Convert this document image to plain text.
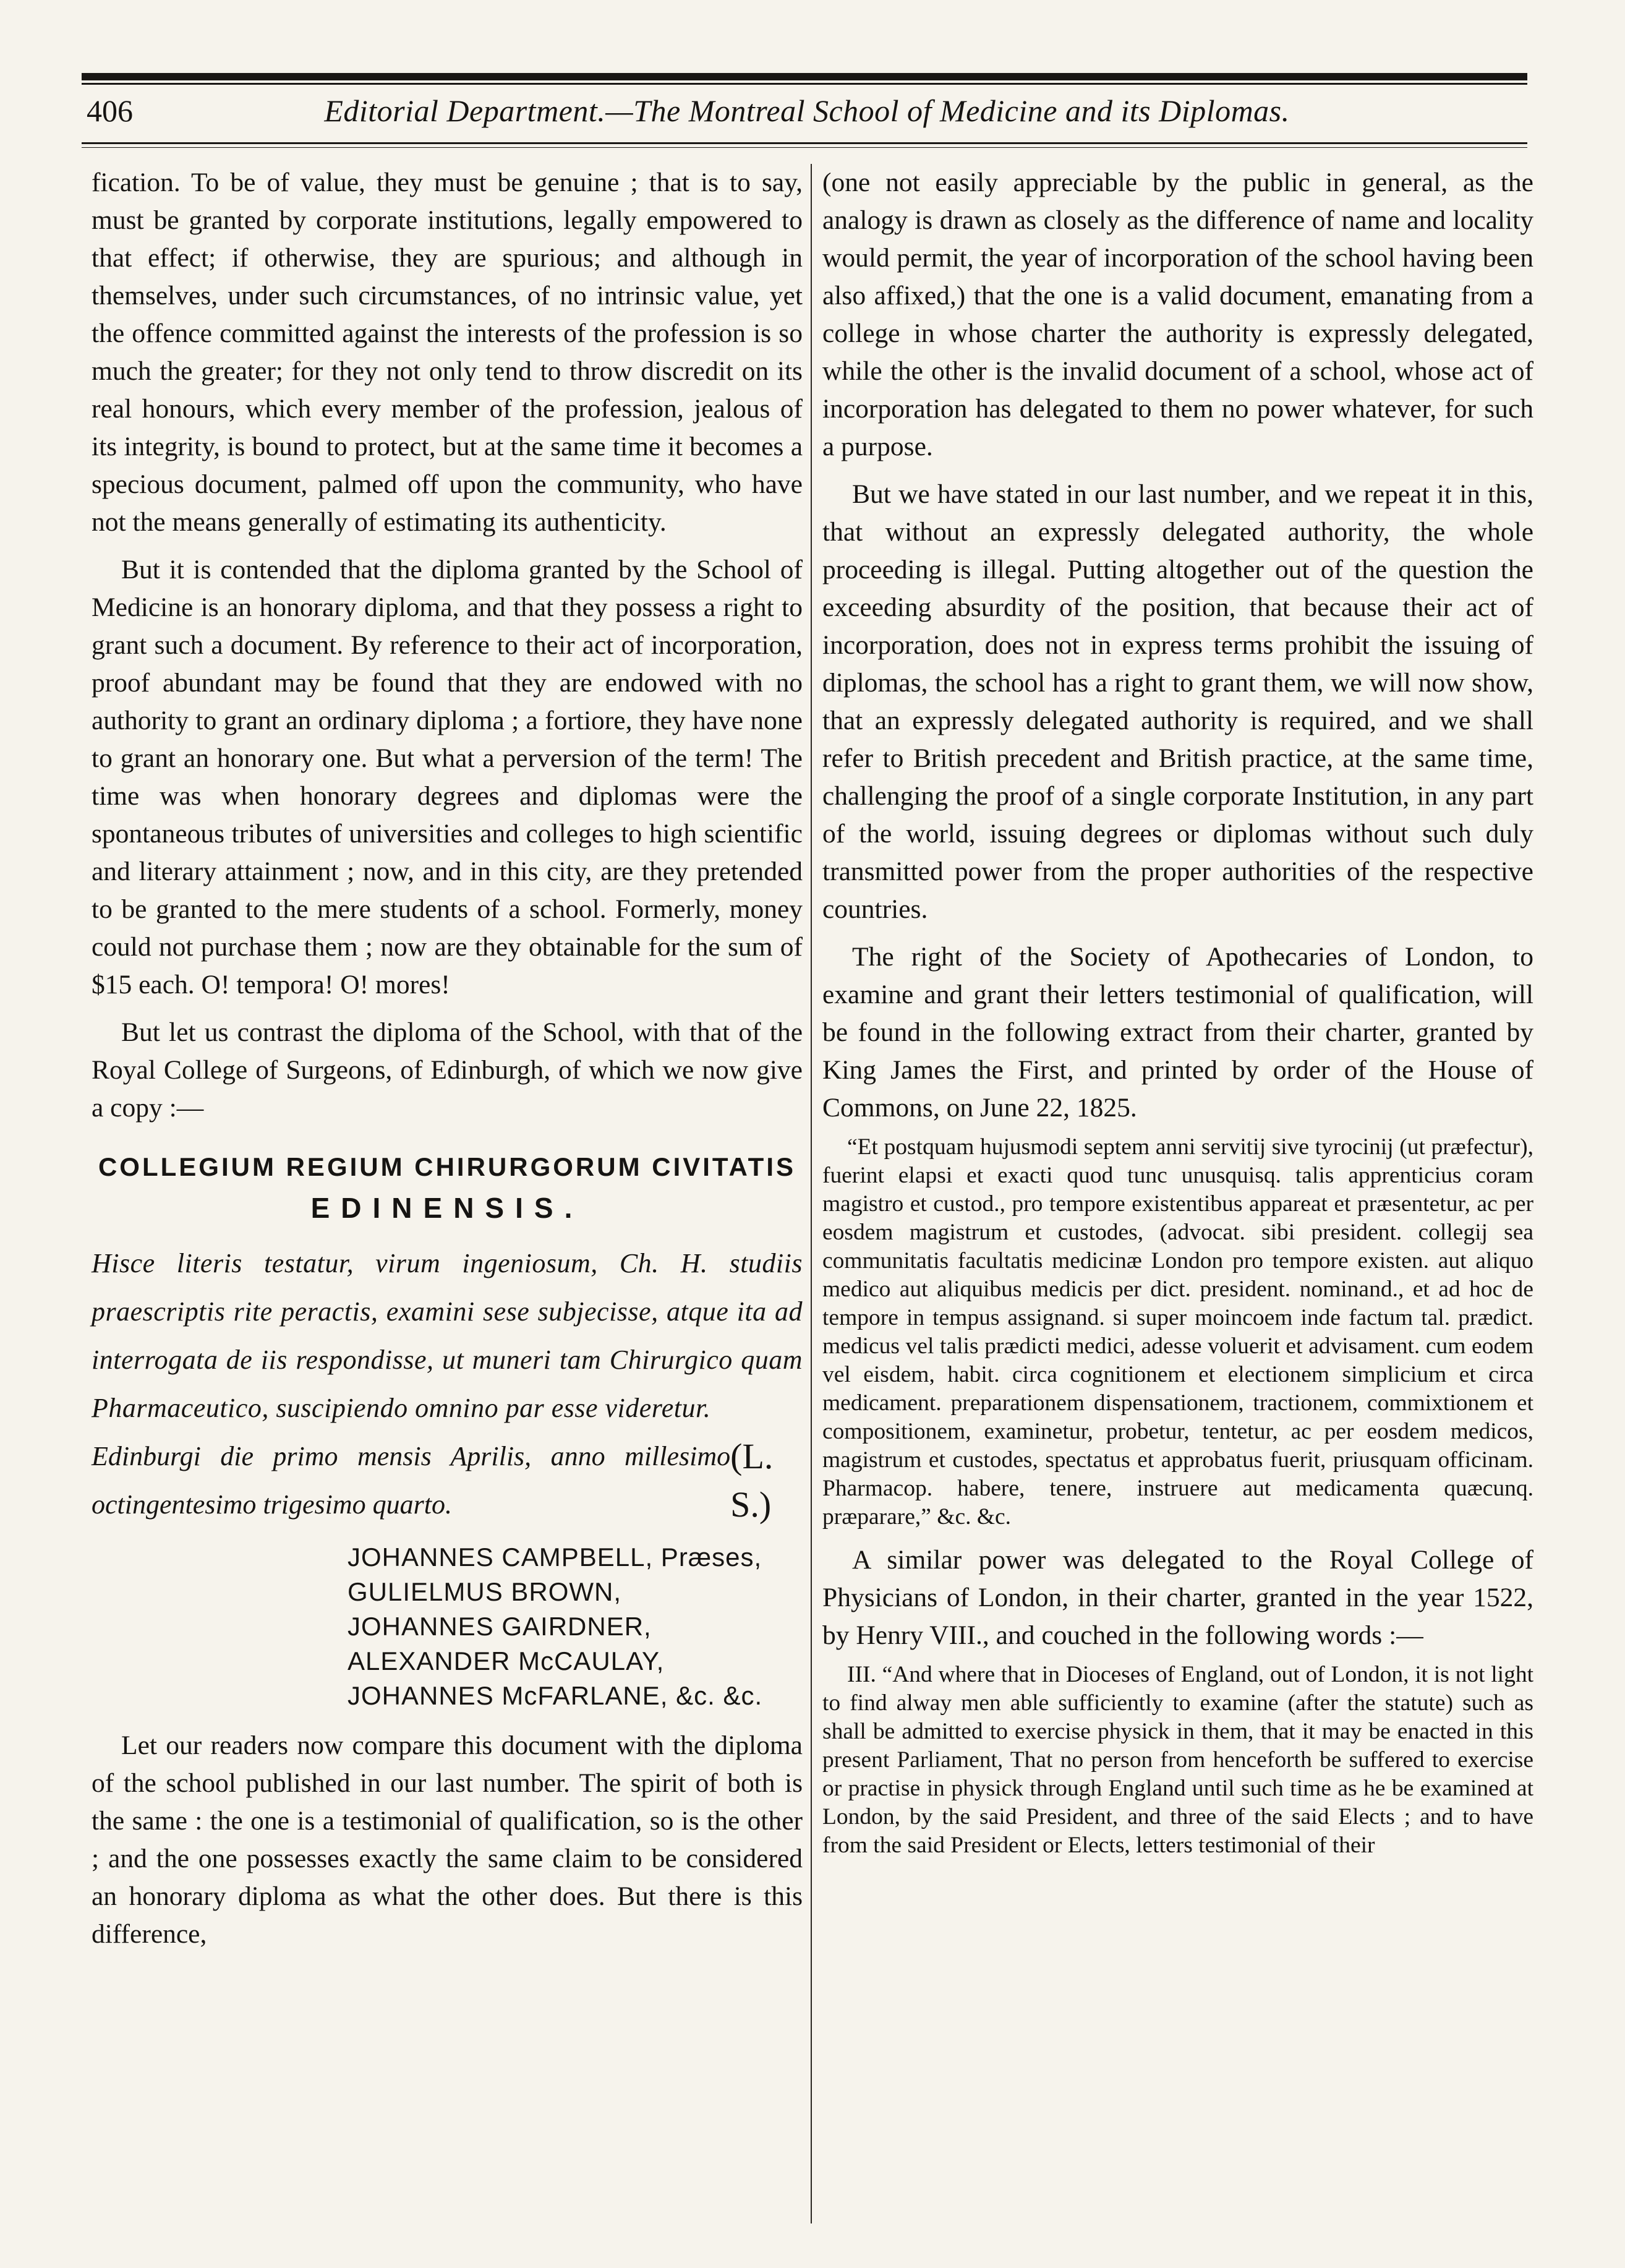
406	Editorial Department.—The Montreal School of Medicine and its Diplomas.

fication. To be of value, they must be genuine ; that is to say, must be granted by corporate institutions, legally empowered to that effect; if otherwise, they are spurious; and although in themselves, under such circumstances, of no intrinsic value, yet the offence committed against the interests of the profession is so much the greater; for they not only tend to throw discredit on its real honours, which every member of the profession, jealous of its integrity, is bound to protect, but at the same time it becomes a specious document, palmed off upon the community, who have not the means generally of estimating its authenticity.

But it is contended that the diploma granted by the School of Medicine is an honorary diploma, and that they possess a right to grant such a document. By reference to their act of incorporation, proof abundant may be found that they are endowed with no authority to grant an ordinary diploma ; a fortiore, they have none to grant an honorary one. But what a perversion of the term! The time was when honorary degrees and diplomas were the spontaneous tributes of universities and colleges to high scientific and literary attainment ; now, and in this city, are they pretended to be granted to the mere students of a school. Formerly, money could not purchase them ; now are they obtainable for the sum of $15 each. O! tempora! O! mores!

But let us contrast the diploma of the School, with that of the Royal College of Surgeons, of Edinburgh, of which we now give a copy :—

COLLEGIUM REGIUM CHIRURGORUM CIVITATIS
EDINENSIS.

Hisce literis testatur, virum ingeniosum, Ch. H. studiis praescriptis rite peractis, examini sese subjecisse, atque ita ad interrogata de iis respondisse, ut muneri tam Chirurgico quam Pharmaceutico, suscipiendo omnino par esse videretur.

Edinburgi die primo mensis Aprilis, anno millesimo octingentesimo trigesimo quarto.
(L. S.)
JOHANNES CAMPBELL, Præses,
GULIELMUS BROWN,
JOHANNES GAIRDNER,
ALEXANDER McCAULAY,
JOHANNES McFARLANE, &c. &c.

Let our readers now compare this document with the diploma of the school published in our last number. The spirit of both is the same : the one is a testimonial of qualification, so is the other ; and the one possesses exactly the same claim to be considered an honorary diploma as what the other does. But there is this difference,

(one not easily appreciable by the public in general, as the analogy is drawn as closely as the difference of name and locality would permit, the year of incorporation of the school having been also affixed,) that the one is a valid document, emanating from a college in whose charter the authority is expressly delegated, while the other is the invalid document of a school, whose act of incorporation has delegated to them no power whatever, for such a purpose.

But we have stated in our last number, and we repeat it in this, that without an expressly delegated authority, the whole proceeding is illegal. Putting altogether out of the question the exceeding absurdity of the position, that because their act of incorporation, does not in express terms prohibit the issuing of diplomas, the school has a right to grant them, we will now show, that an expressly delegated authority is required, and we shall refer to British precedent and British practice, at the same time, challenging the proof of a single corporate Institution, in any part of the world, issuing degrees or diplomas without such duly transmitted power from the proper authorities of the respective countries.

The right of the Society of Apothecaries of London, to examine and grant their letters testimonial of qualification, will be found in the following extract from their charter, granted by King James the First, and printed by order of the House of Commons, on June 22, 1825.

“Et postquam hujusmodi septem anni servitij sive tyrocinij (ut præfectur), fuerint elapsi et exacti quod tunc unusquisq. talis apprenticius coram magistro et custod., pro tempore existentibus appareat et præsentetur, ac per eosdem magistrum et custodes, (advocat. sibi president. collegij sea communitatis facultatis medicinæ London pro tempore existen. aut aliquo medico aut aliquibus medicis per dict. president. nominand., et ad hoc de tempore in tempus assignand. si super moincoem inde factum tal. prædict. medicus vel talis prædicti medici, adesse voluerit et advisament. cum eodem vel eisdem, habit. circa cognitionem et electionem simplicium et circa medicament. preparationem dispensationem, tractionem, commixtionem et compositionem, examinetur, probetur, tentetur, ac per eosdem medicos, magistrum et custodes, spectatus et approbatus fuerit, priusquam officinam. Pharmacop. habere, tenere, instruere aut medicamenta quæcunq. præparare,” &c. &c.

A similar power was delegated to the Royal College of Physicians of London, in their charter, granted in the year 1522, by Henry VIII., and couched in the following words :—

III. “And where that in Dioceses of England, out of London, it is not light to find alway men able sufficiently to examine (after the statute) such as shall be admitted to exercise physick in them, that it may be enacted in this present Parliament, That no person from henceforth be suffered to exercise or practise in physick through England until such time as he be examined at London, by the said President, and three of the said Elects ; and to have from the said President or Elects, letters testimonial of their
